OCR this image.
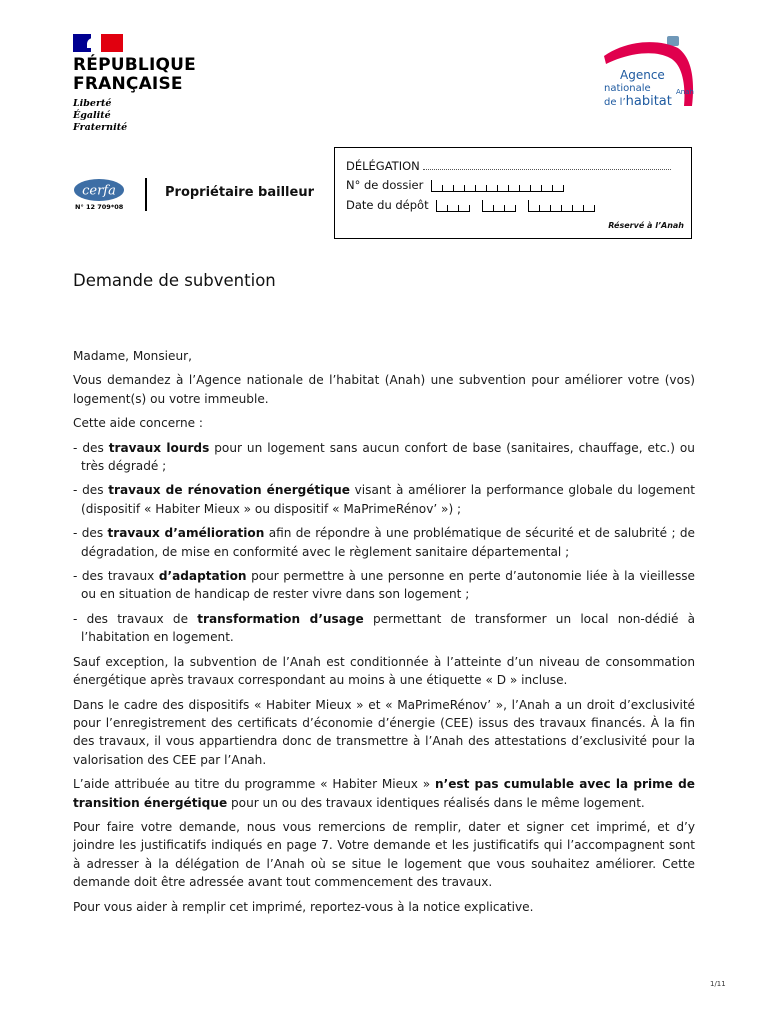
RÉPUBLIQUE
FRANÇAISE
Liberté
Égalité
Fraternité
Agence
nationale
de l’habitat
Anah
cerfa
N° 12 709*08
Propriétaire bailleur
DÉLÉGATION
N° de dossier
Date du dépôt

Réservé à l’Anah
Demande de subvention

Madame, Monsieur,

Vous demandez à l’Agence nationale de l’habitat (Anah) une subvention pour améliorer votre (vos) logement(s) ou votre immeuble.

Cette aide concerne :

- des travaux lourds pour un logement sans aucun confort de base (sanitaires, chauffage, etc.) ou très dégradé ;

- des travaux de rénovation énergétique visant à améliorer la performance globale du logement (dispositif « Habiter Mieux » ou dispositif « MaPrimeRénov’ ») ;

- des travaux d’amélioration afin de répondre à une problématique de sécurité et de salubrité ; de dégradation, de mise en conformité avec le règlement sanitaire départemental ;

- des travaux d’adaptation pour permettre à une personne en perte d’autonomie liée à la vieillesse ou en situation de handicap de rester vivre dans son logement ;

- des travaux de transformation d’usage permettant de transformer un local non-dédié à l’habitation en logement.

Sauf exception, la subvention de l’Anah est conditionnée à l’atteinte d’un niveau de consommation énergétique après travaux correspondant au moins à une étiquette « D » incluse.

Dans le cadre des dispositifs « Habiter Mieux » et « MaPrimeRénov’ », l’Anah a un droit d’exclusivité pour l’enregistrement des certificats d’économie d’énergie (CEE) issus des travaux financés. À la fin des travaux, il vous appartiendra donc de transmettre à l’Anah des attestations d’exclusivité pour la valorisation des CEE par l’Anah.

L’aide attribuée au titre du programme « Habiter Mieux » n’est pas cumulable avec la prime de transition énergétique pour un ou des travaux identiques réalisés dans le même logement.

Pour faire votre demande, nous vous remercions de remplir, dater et signer cet imprimé, et d’y joindre les justificatifs indiqués en page 7. Votre demande et les justificatifs qui l’accompagnent sont à adresser à la délégation de l’Anah où se situe le logement que vous souhaitez améliorer. Cette demande doit être adressée avant tout commencement des travaux.

Pour vous aider à remplir cet imprimé, reportez-vous à la notice explicative.

1/11
